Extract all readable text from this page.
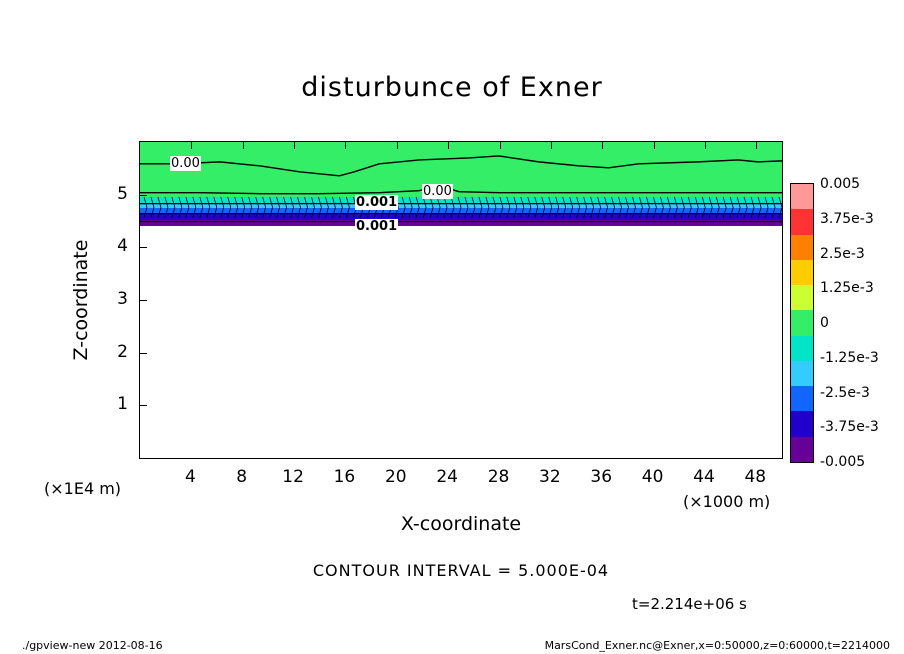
disturbunce of Exner
0.00
0.00
0.001
0.001
Z-coordinate
X-coordinate
(×1E4 m)
(×1000 m)
CONTOUR INTERVAL = 5.000E-04
t=2.214e+06 s
./gpview-new 2012-08-16	MarsCond_Exner.nc@Exner,x=0:50000,z=0:60000,t=2214000
4 8 12 16 20 24 28 32 36 40 44 48
1
2
3
4
5	0.005
3.75e-3
2.5e-3
1.25e-3
0
-1.25e-3
-2.5e-3
-3.75e-3
-0.005
